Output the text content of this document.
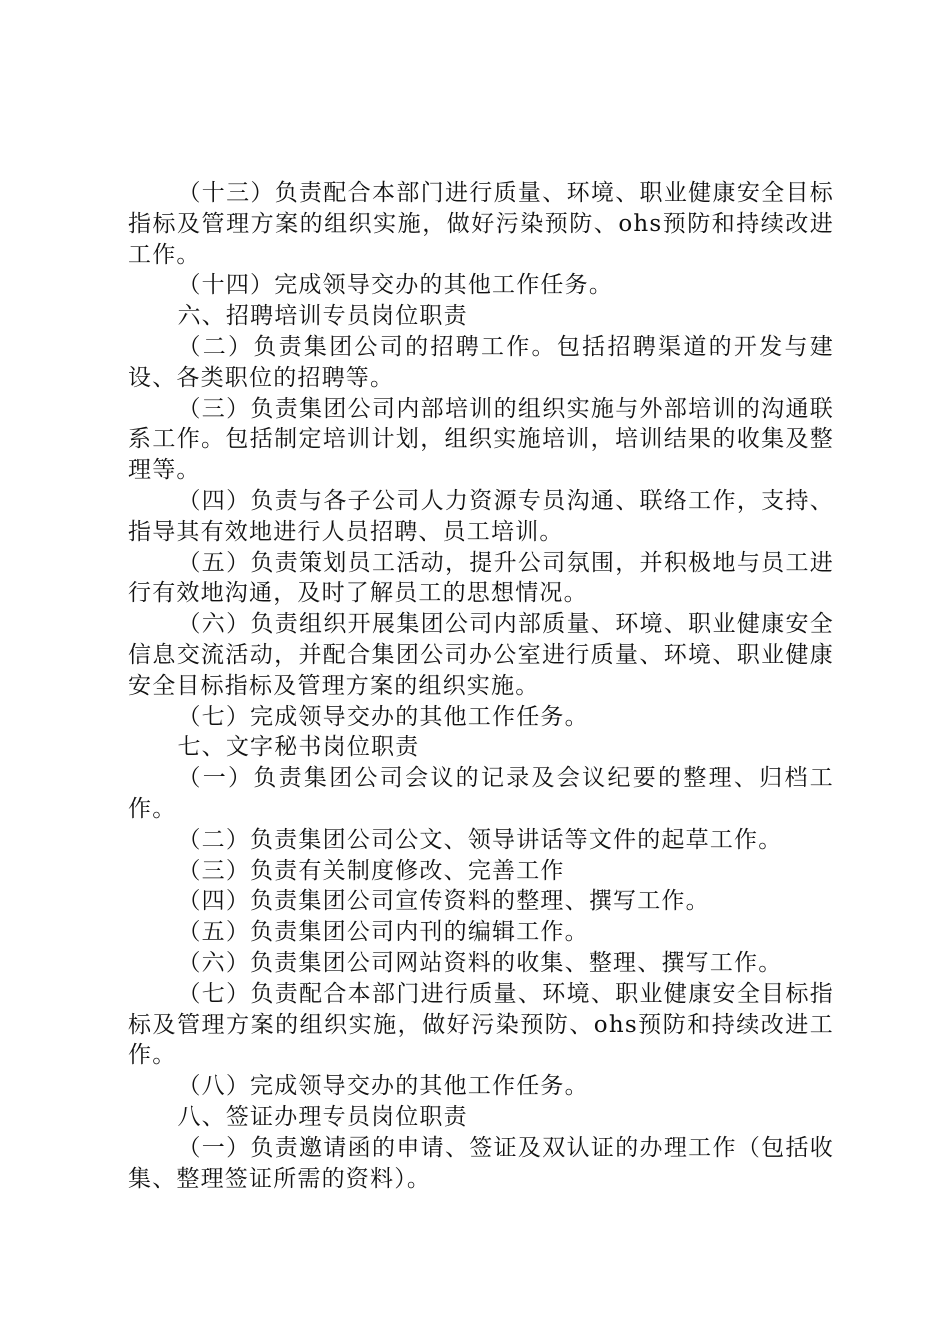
（十三）负责配合本部门进行质量、环境、职业健康安全目标指标及管理方案的组织实施，做好污染预防、ohs预防和持续改进工作。

（十四）完成领导交办的其他工作任务。

六、招聘培训专员岗位职责

（二）负责集团公司的招聘工作。包括招聘渠道的开发与建设、各类职位的招聘等。

（三）负责集团公司内部培训的组织实施与外部培训的沟通联系工作。包括制定培训计划，组织实施培训，培训结果的收集及整理等。

（四）负责与各子公司人力资源专员沟通、联络工作，支持、指导其有效地进行人员招聘、员工培训。

（五）负责策划员工活动，提升公司氛围，并积极地与员工进行有效地沟通，及时了解员工的思想情况。

（六）负责组织开展集团公司内部质量、环境、职业健康安全信息交流活动，并配合集团公司办公室进行质量、环境、职业健康安全目标指标及管理方案的组织实施。

（七）完成领导交办的其他工作任务。

七、文字秘书岗位职责

（一）负责集团公司会议的记录及会议纪要的整理、归档工作。

（二）负责集团公司公文、领导讲话等文件的起草工作。

（三）负责有关制度修改、完善工作

（四）负责集团公司宣传资料的整理、撰写工作。

（五）负责集团公司内刊的编辑工作。

（六）负责集团公司网站资料的收集、整理、撰写工作。

（七）负责配合本部门进行质量、环境、职业健康安全目标指标及管理方案的组织实施，做好污染预防、ohs预防和持续改进工作。

（八）完成领导交办的其他工作任务。

八、签证办理专员岗位职责

（一）负责邀请函的申请、签证及双认证的办理工作（包括收集、整理签证所需的资料）。
